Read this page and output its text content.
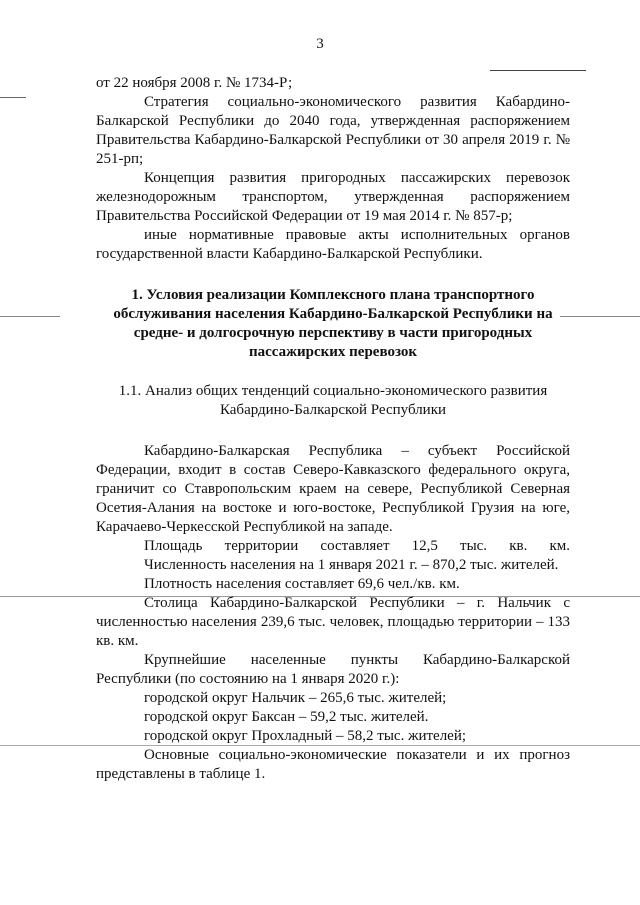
3

от 22 ноября 2008 г. № 1734-Р;

Стратегия социально-экономического развития Кабардино-Балкарской Республики до 2040 года, утвержденная распоряжением Правительства Кабардино-Балкарской Республики от 30 апреля 2019 г. № 251-рп;

Концепция развития пригородных пассажирских перевозок железнодорожным транспортом, утвержденная распоряжением Правительства Российской Федерации от 19 мая 2014 г. № 857-р;

иные нормативные правовые акты исполнительных органов государственной власти Кабардино-Балкарской Республики.

1. Условия реализации Комплексного плана транспортного обслуживания населения Кабардино-Балкарской Республики на средне- и долгосрочную перспективу в части пригородных пассажирских перевозок

1.1. Анализ общих тенденций социально-экономического развития Кабардино-Балкарской Республики

Кабардино-Балкарская Республика – субъект Российской Федерации, входит в состав Северо-Кавказского федерального округа, граничит со Ставропольским краем на севере, Республикой Северная Осетия-Алания на востоке и юго-востоке, Республикой Грузия на юге, Карачаево-Черкесской Республикой на западе.

Площадь территории составляет 12,5 тыс. кв. км.

Численность населения на 1 января 2021 г. – 870,2 тыс. жителей.

Плотность населения составляет 69,6 чел./кв. км.

Столица Кабардино-Балкарской Республики – г. Нальчик с численностью населения 239,6 тыс. человек, площадью территории – 133 кв. км.

Крупнейшие населенные пункты Кабардино-Балкарской Республики (по состоянию на 1 января 2020 г.):

городской округ Нальчик – 265,6 тыс. жителей;

городской округ Баксан – 59,2 тыс. жителей.

городской округ Прохладный – 58,2 тыс. жителей;

Основные социально-экономические показатели и их прогноз представлены в таблице 1.
